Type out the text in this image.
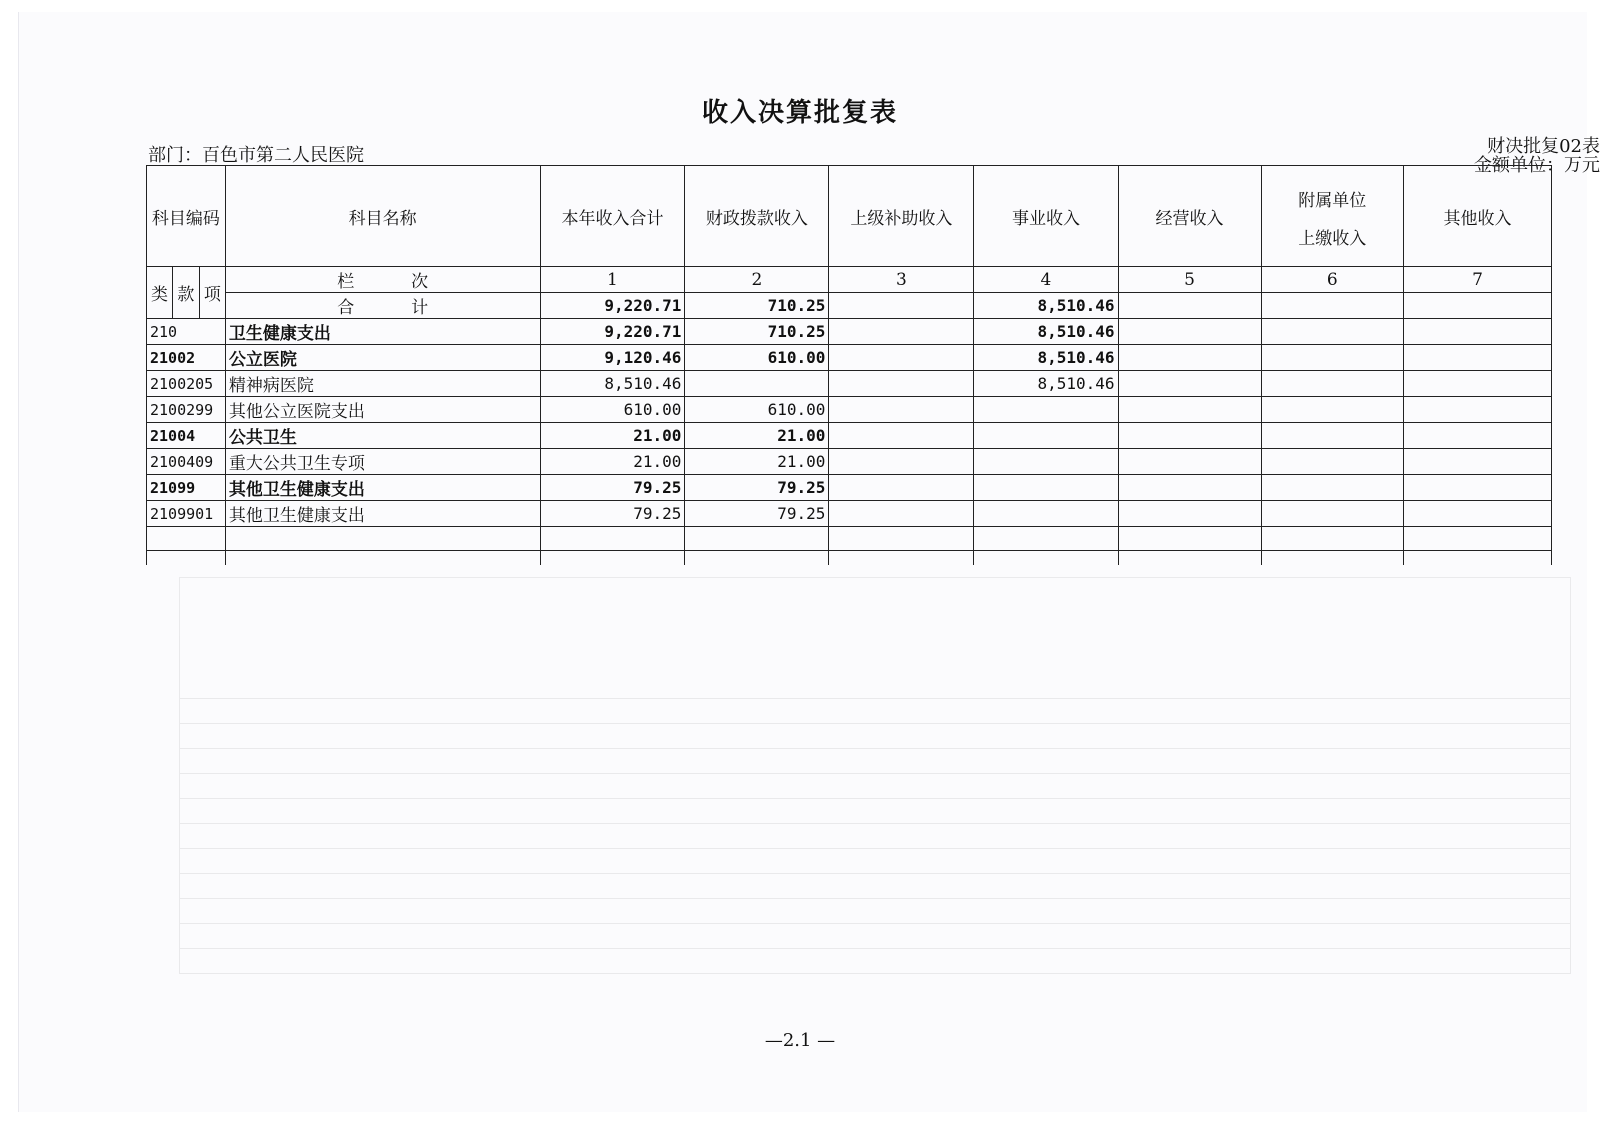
收入决算批复表
部门：百色市第二人民医院	财决批复02表
金额单位：万元
科目编码			科目名称	本年收入合计	财政拨款收入	上级补助收入	事业收入	经营收入	附属单位
上缴收入	其他收入
类	款	项	栏 次	1	2	3	4	5	6	7

			合 计	9,220.71	710.25		8,510.46			
210			卫生健康支出	9,220.71	710.25		8,510.46			
21002			公立医院	9,120.46	610.00		8,510.46			
2100205			精神病医院	8,510.46			8,510.46			
2100299			其他公立医院支出	610.00	610.00					
21004			公共卫生	21.00	21.00					
2100409			重大公共卫生专项	21.00	21.00					
21099			其他卫生健康支出	79.25	79.25					
2109901			其他卫生健康支出	79.25	79.25					

—2.1 —
